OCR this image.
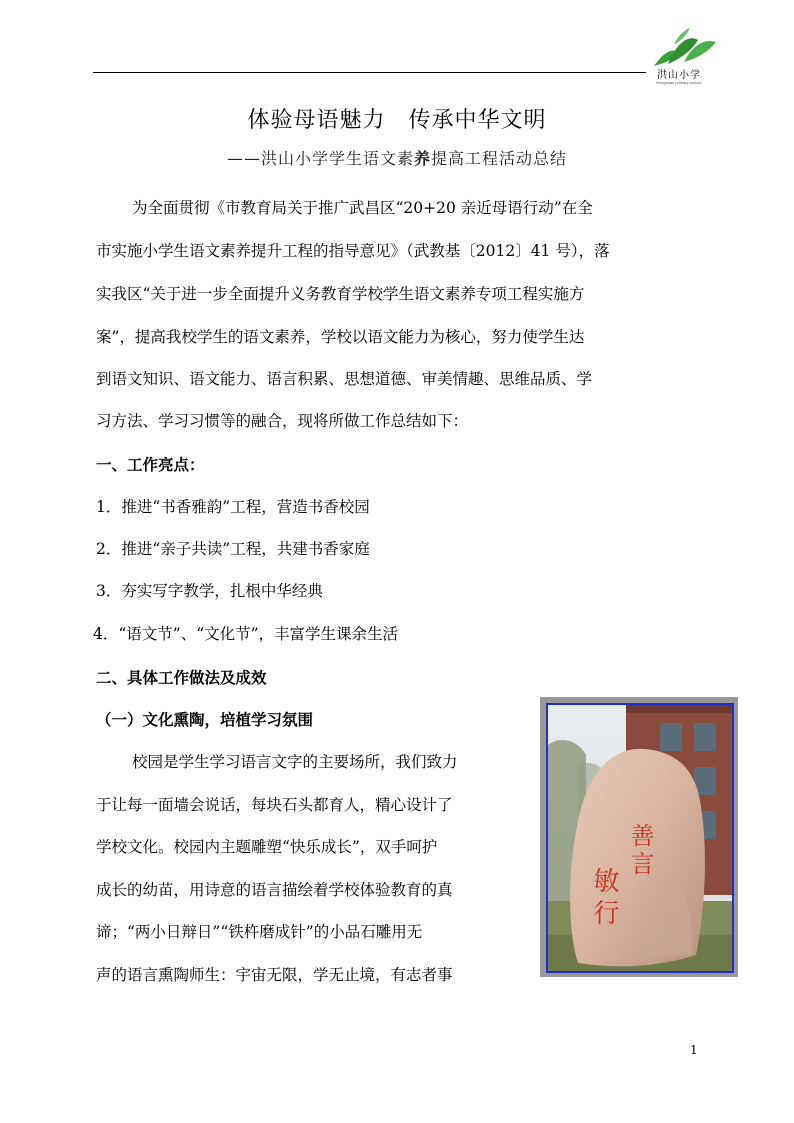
洪山小学
Hongshan primary school
体验母语魅力　传承中华文明
——洪山小学学生语文素养提高工程活动总结
为全面贯彻《市教育局关于推广武昌区“20+20 亲近母语行动”在全
市实施小学生语文素养提升工程的指导意见》（武教基〔2012〕41 号），落
实我区“关于进一步全面提升义务教育学校学生语文素养专项工程实施方
案”，提高我校学生的语文素养，学校以语文能力为核心，努力使学生达
到语文知识、语文能力、语言积累、思想道德、审美情趣、思维品质、学
习方法、学习习惯等的融合，现将所做工作总结如下：
一、工作亮点：
1．推进“书香雅韵”工程，营造书香校园
2．推进“亲子共读”工程，共建书香家庭
3．夯实写字教学，扎根中华经典
4．“语文节”、“文化节”，丰富学生课余生活
二、具体工作做法及成效
（一）文化熏陶，培植学习氛围
校园是学生学习语言文字的主要场所，我们致力
于让每一面墙会说话，每块石头都育人，精心设计了
学校文化。校园内主题雕塑“快乐成长”，双手呵护
成长的幼苗，用诗意的语言描绘着学校体验教育的真
谛；“两小日辩日”“铁杵磨成针”的小品石雕用无
声的语言熏陶师生：宇宙无限，学无止境，有志者事
善言
敏行
1
